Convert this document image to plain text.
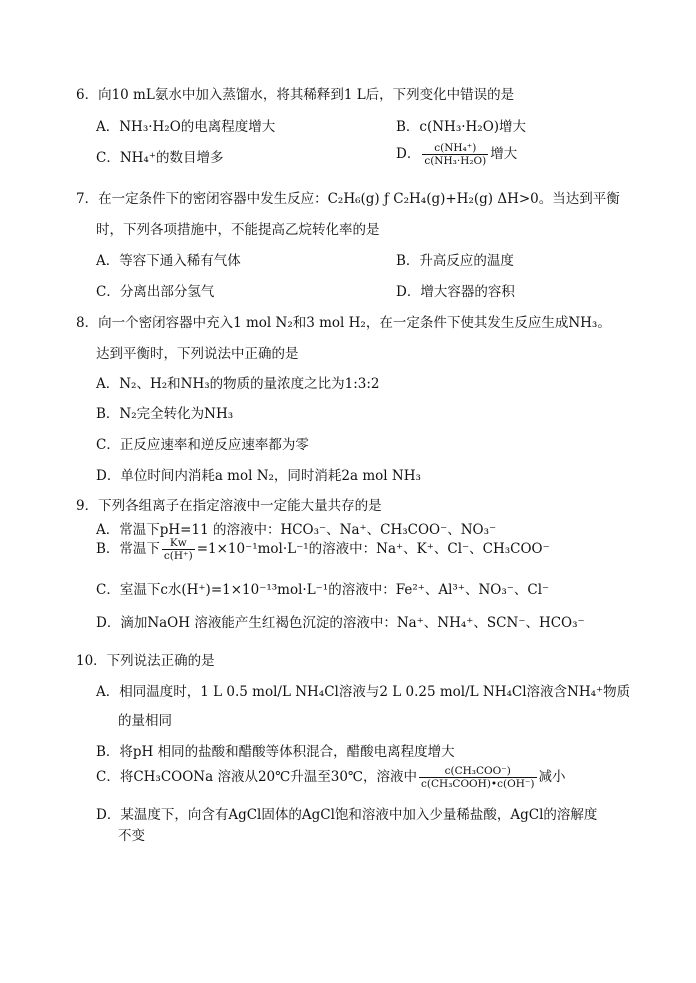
6．向10 mL氨水中加入蒸馏水，将其稀释到1 L后，下列变化中错误的是
A．NH₃·H₂O的电离程度增大	B．c(NH₃·H₂O)增大
C．NH₄⁺的数目增多	D． $\frac{\text{c(NH₄⁺)}}{\text{c(NH₃·H₂O)}}$ 增大
7．在一定条件下的密闭容器中发生反应：C₂H₆(g) ƒ C₂H₄(g)+H₂(g) ΔH>0。当达到平衡
时，下列各项措施中，不能提高乙烷转化率的是
A．等容下通入稀有气体	B．升高反应的温度
C．分离出部分氢气	D．增大容器的容积
8．向一个密闭容器中充入1 mol N₂和3 mol H₂，在一定条件下使其发生反应生成NH₃。
达到平衡时，下列说法中正确的是
A．N₂、H₂和NH₃的物质的量浓度之比为1:3:2
B．N₂完全转化为NH₃
C．正反应速率和逆反应速率都为零
D．单位时间内消耗a mol N₂，同时消耗2a mol NH₃
9．下列各组离子在指定溶液中一定能大量共存的是
A．常温下pH=11 的溶液中：HCO₃⁻、Na⁺、CH₃COO⁻、NO₃⁻
B．常温下 $\frac{Kw}{c(H^+)} =1\times 10^{-1}mol\cdot L^{-1}$的溶液中：Na⁺、K⁺、Cl⁻、CH₃COO⁻
C．室温下c水(H⁺)=1×10⁻¹³mol·L⁻¹的溶液中：Fe²⁺、Al³⁺、NO₃⁻、Cl⁻
D．滴加NaOH 溶液能产生红褐色沉淀的溶液中：Na⁺、NH₄⁺、SCN⁻、HCO₃⁻
10．下列说法正确的是
A．相同温度时，1 L 0.5 mol/L NH₄Cl溶液与2 L 0.25 mol/L NH₄Cl溶液含NH₄⁺物质
的量相同
B．将pH 相同的盐酸和醋酸等体积混合，醋酸电离程度增大
C．将CH₃COONa 溶液从20℃升温至30℃，溶液中 $\frac{\text{c(CH₃COO⁻)}}{\text{c(CH₃COOH)•c(OH⁻)}}$ 减小
D．某温度下，向含有AgCl固体的AgCl饱和溶液中加入少量稀盐酸，AgCl的溶解度
不变
